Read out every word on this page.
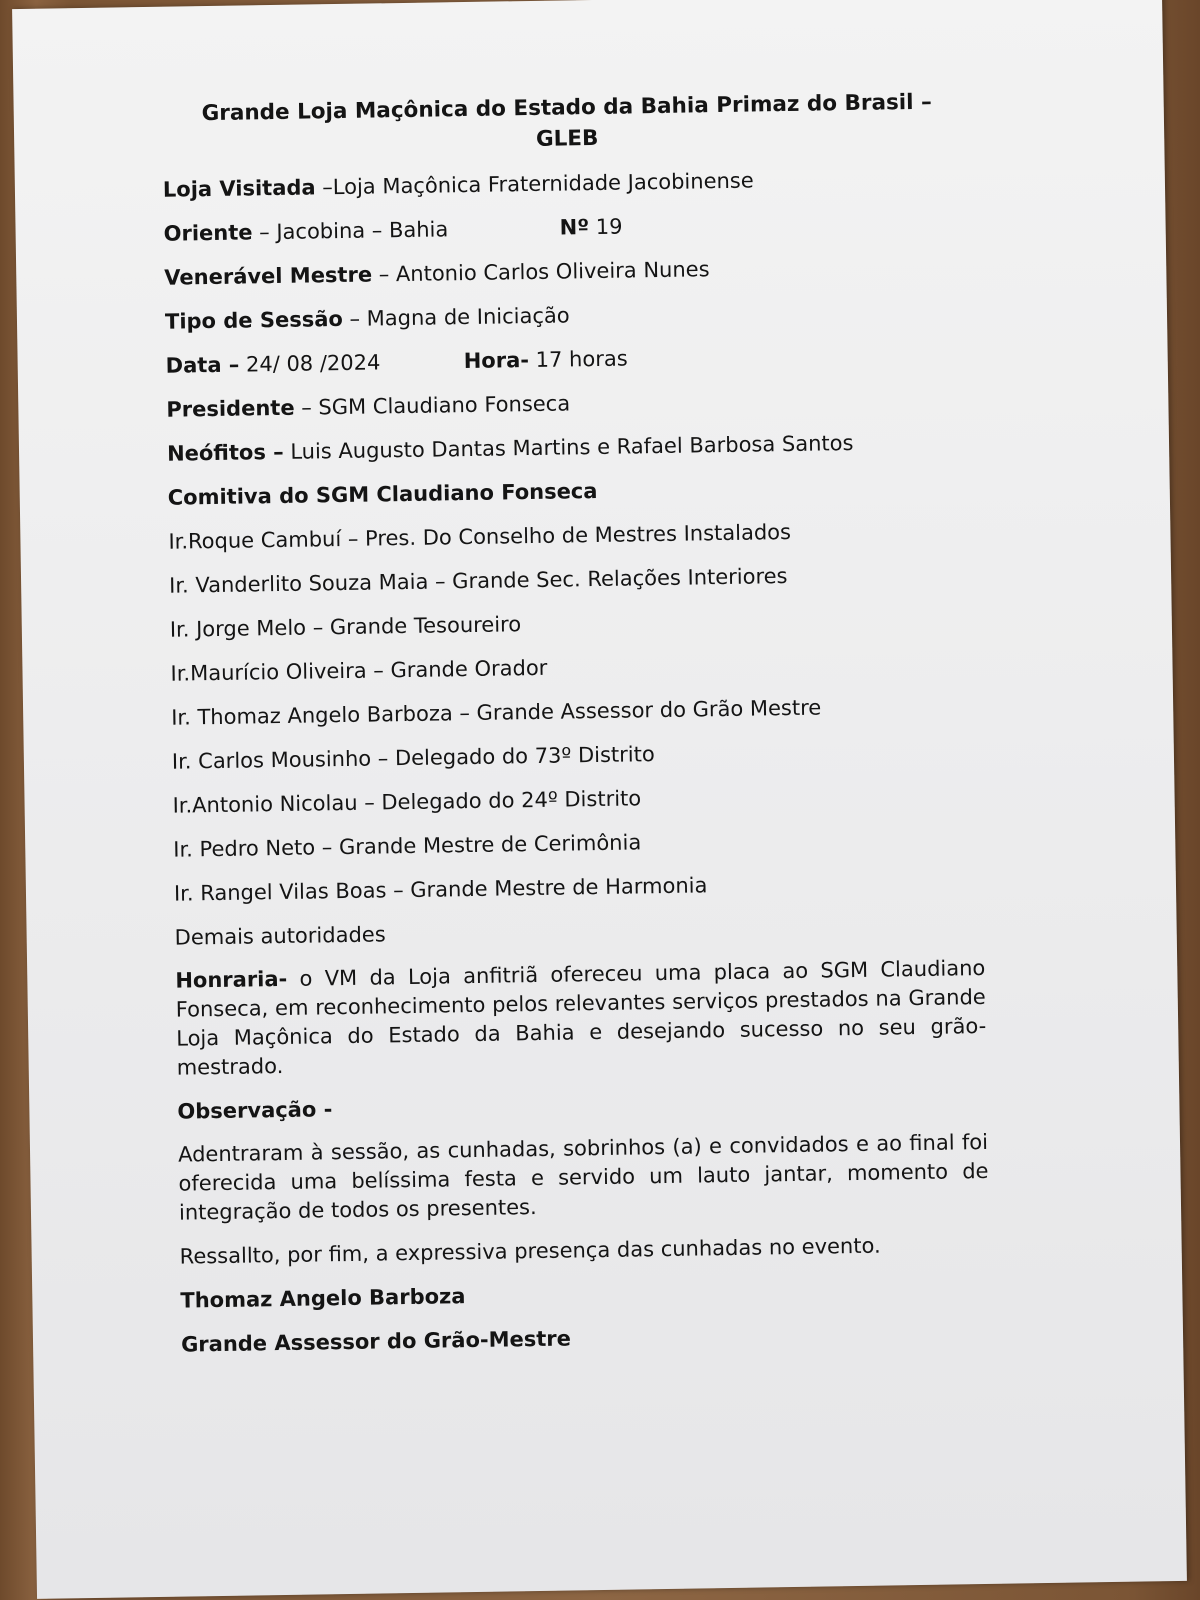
Grande Loja Maçônica do Estado da Bahia Primaz do Brasil –
GLEB
Loja Visitada –Loja Maçônica Fraternidade Jacobinense
Oriente – Jacobina – Bahia	Nº 19
Venerável Mestre – Antonio Carlos Oliveira Nunes
Tipo de Sessão – Magna de Iniciação
Data – 24/ 08 /2024	Hora- 17 horas
Presidente – SGM Claudiano Fonseca
Neófitos – Luis Augusto Dantas Martins e Rafael Barbosa Santos
Comitiva do SGM Claudiano Fonseca
Ir.Roque Cambuí – Pres. Do Conselho de Mestres Instalados
Ir. Vanderlito Souza Maia – Grande Sec. Relações Interiores
Ir. Jorge Melo – Grande Tesoureiro
Ir.Maurício Oliveira – Grande Orador
Ir. Thomaz Angelo Barboza – Grande Assessor do Grão Mestre
Ir. Carlos Mousinho – Delegado do 73º Distrito
Ir.Antonio Nicolau – Delegado do 24º Distrito
Ir. Pedro Neto – Grande Mestre de Cerimônia
Ir. Rangel Vilas Boas – Grande Mestre de Harmonia
Demais autoridades
Honraria- o VM da Loja anfitriã ofereceu uma placa ao SGM Claudiano Fonseca, em reconhecimento pelos relevantes serviços prestados na Grande Loja Maçônica do Estado da Bahia e desejando sucesso no seu grão-mestrado.
Observação -
Adentraram à sessão, as cunhadas, sobrinhos (a) e convidados e ao final foi oferecida uma belíssima festa e servido um lauto jantar, momento de integração de todos os presentes.
Ressallto, por fim, a expressiva presença das cunhadas no evento.
Thomaz Angelo Barboza
Grande Assessor do Grão-Mestre
